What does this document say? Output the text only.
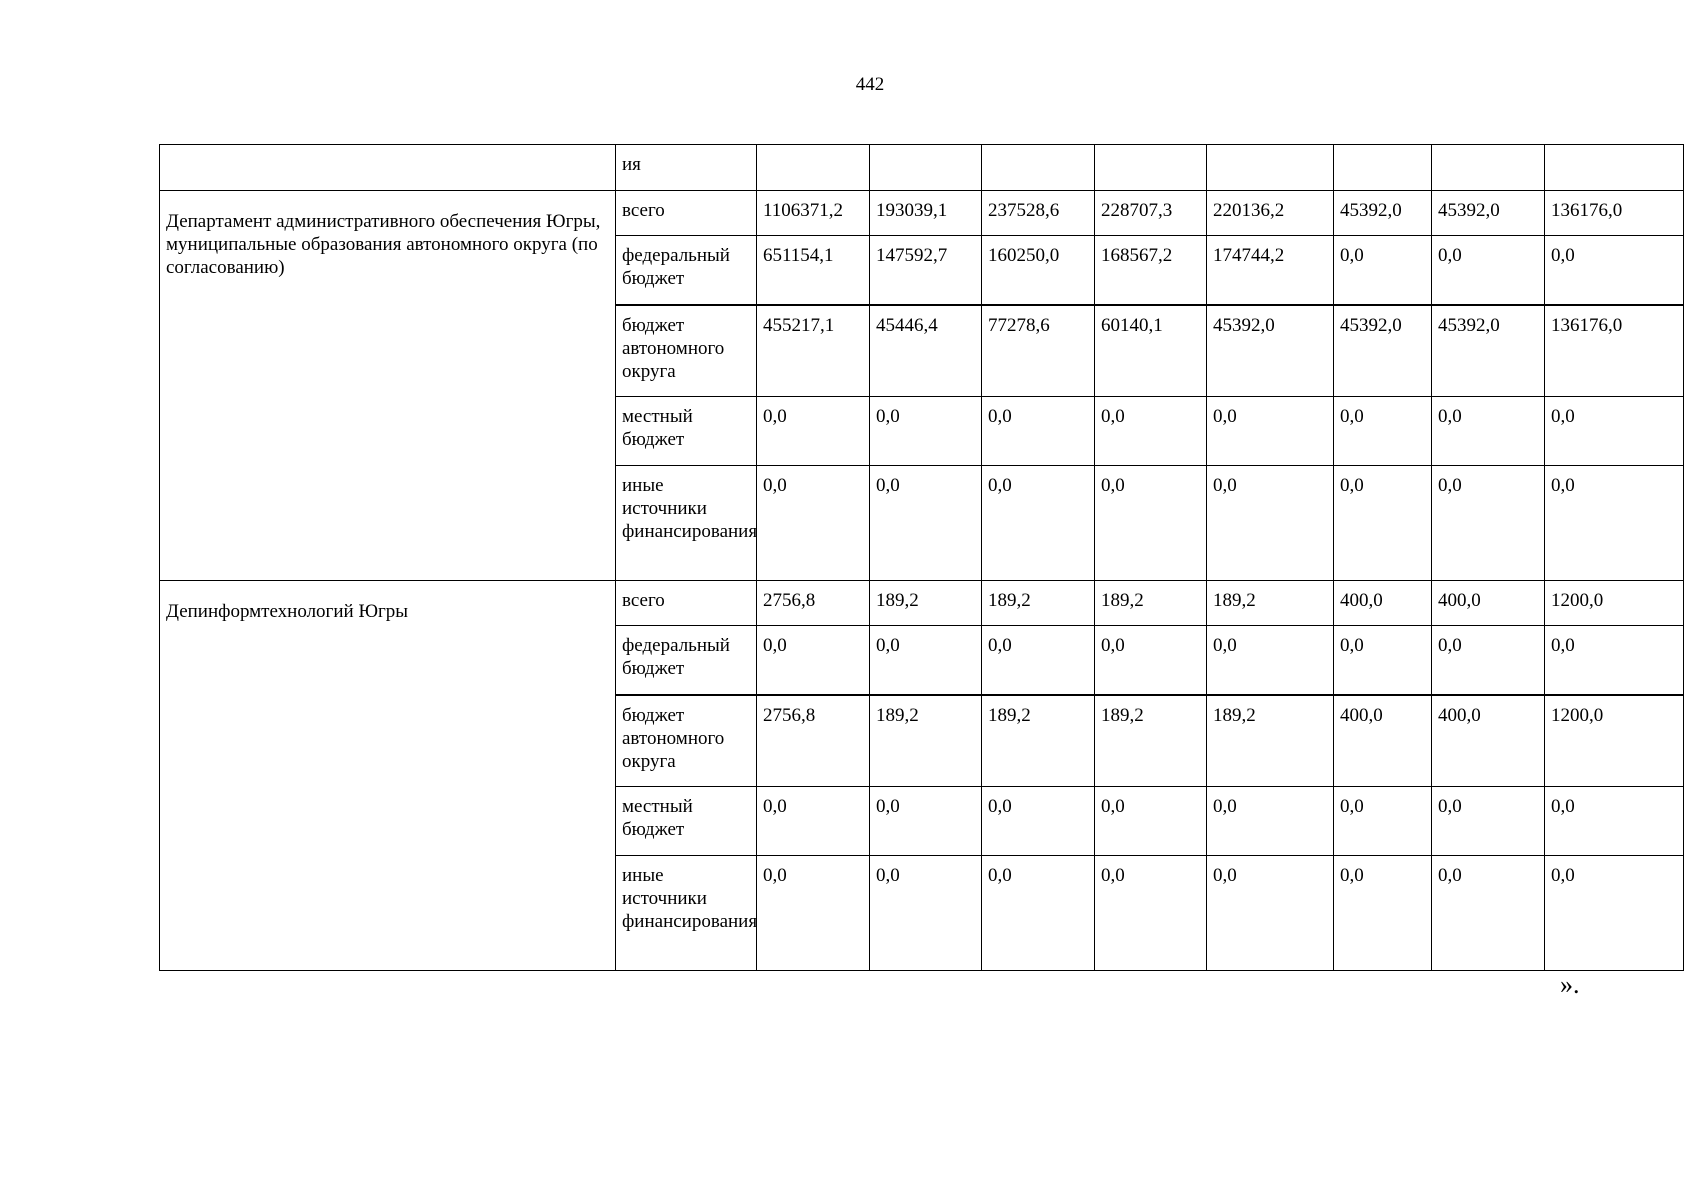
442
	ия								
Департамент административного обеспечения Югры, муниципальные образования автономного округа (по согласованию)	всего	1106371,2	193039,1	237528,6	228707,3	220136,2	45392,0	45392,0	136176,0
	федеральный бюджет	651154,1	147592,7	160250,0	168567,2	174744,2	0,0	0,0	0,0
	бюджет автономного округа	455217,1	45446,4	77278,6	60140,1	45392,0	45392,0	45392,0	136176,0
	местный бюджет	0,0	0,0	0,0	0,0	0,0	0,0	0,0	0,0
	иные источники финансирования	0,0	0,0	0,0	0,0	0,0	0,0	0,0	0,0
Депинформтехнологий Югры	всего	2756,8	189,2	189,2	189,2	189,2	400,0	400,0	1200,0
	федеральный бюджет	0,0	0,0	0,0	0,0	0,0	0,0	0,0	0,0
	бюджет автономного округа	2756,8	189,2	189,2	189,2	189,2	400,0	400,0	1200,0
	местный бюджет	0,0	0,0	0,0	0,0	0,0	0,0	0,0	0,0
	иные источники финансирования	0,0	0,0	0,0	0,0	0,0	0,0	0,0	0,0
».
